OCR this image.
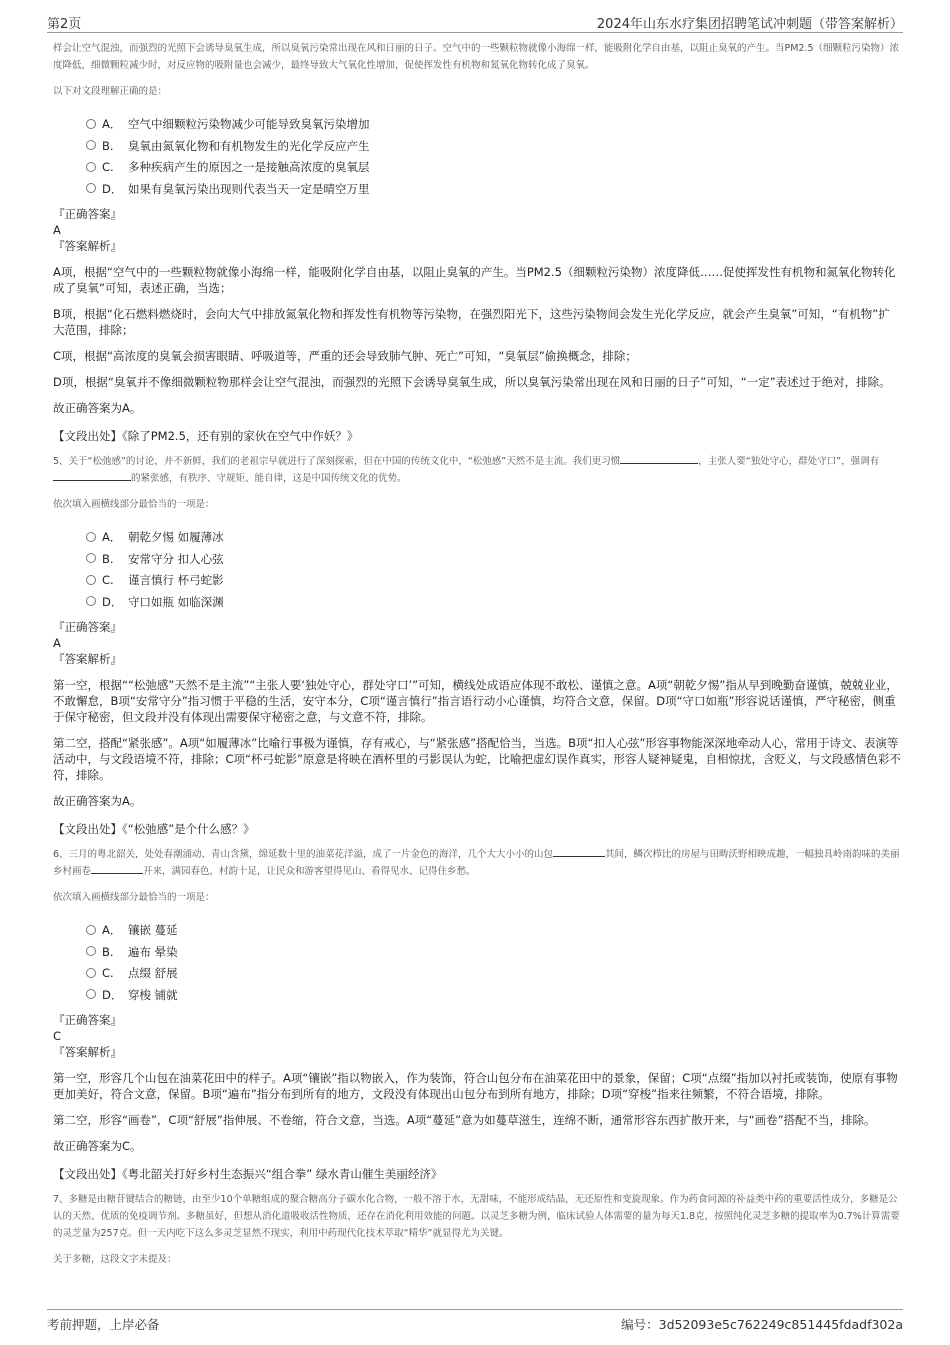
第2页	2024年山东水疗集团招聘笔试冲刺题（带答案解析）

样会让空气混浊，而强烈的光照下会诱导臭氧生成，所以臭氧污染常出现在风和日丽的日子。空气中的一些颗粒物就像小海绵一样，能吸附化学自由基，以阻止臭氧的产生。当PM2.5（细颗粒污染物）浓度降低，细微颗粒减少时，对反应物的吸附量也会减少，最终导致大气氧化性增加，促使挥发性有机物和氮氧化物转化成了臭氧。

以下对文段理解正确的是：

A． 空气中细颗粒污染物减少可能导致臭氧污染增加
B. 臭氧由氮氧化物和有机物发生的光化学反应产生
C. 多种疾病产生的原因之一是接触高浓度的臭氧层
D． 如果有臭氧污染出现则代表当天一定是晴空万里

『正确答案』

A

『答案解析』

A项，根据“空气中的一些颗粒物就像小海绵一样，能吸附化学自由基，以阻止臭氧的产生。当PM2.5（细颗粒污染物）浓度降低……促使挥发性有机物和氮氧化物转化成了臭氧”可知，表述正确，当选；

B项，根据“化石燃料燃烧时，会向大气中排放氮氧化物和挥发性有机物等污染物，在强烈阳光下，这些污染物间会发生光化学反应，就会产生臭氧”可知，“有机物”扩大范围，排除；

C项，根据“高浓度的臭氧会损害眼睛、呼吸道等，严重的还会导致肺气肿、死亡”可知，“臭氧层”偷换概念，排除；

D项，根据“臭氧并不像细微颗粒物那样会让空气混浊，而强烈的光照下会诱导臭氧生成，所以臭氧污染常出现在风和日丽的日子”可知，“一定”表述过于绝对，排除。

故正确答案为A。

【文段出处】《除了PM2.5，还有别的家伙在空气中作妖？》

5、关于“松弛感”的讨论，并不新鲜，我们的老祖宗早就进行了深刻探索，但在中国的传统文化中，“松弛感”天然不是主流。我们更习惯	，主张人要“独处守心，群处守口”，强调有的紧张感，有秩序、守规矩、能自律，这是中国传统文化的优势。

依次填入画横线部分最恰当的一项是：

A． 朝乾夕惕 如履薄冰
B. 安常守分 扣人心弦
C. 谨言慎行 杯弓蛇影
D． 守口如瓶 如临深渊

『正确答案』

A

『答案解析』

第一空，根据““松弛感”天然不是主流”“主张人要‘独处守心，群处守口’”可知，横线处成语应体现不敢松、谨慎之意。A项“朝乾夕惕”指从早到晚勤奋谨慎，兢兢业业，不敢懈怠，B项“安常守分”指习惯于平稳的生活，安守本分，C项“谨言慎行”指言语行动小心谨慎，均符合文意，保留。D项“守口如瓶”形容说话谨慎，严守秘密，侧重于保守秘密，但文段并没有体现出需要保守秘密之意，与文意不符，排除。

第二空，搭配“紧张感”。A项“如履薄冰”比喻行事极为谨慎，存有戒心，与“紧张感”搭配恰当，当选。B项“扣人心弦”形容事物能深深地牵动人心，常用于诗文、表演等活动中，与文段语境不符，排除；C项“杯弓蛇影”原意是将映在酒杯里的弓影误认为蛇，比喻把虚幻误作真实，形容人疑神疑鬼，自相惊扰，含贬义，与文段感情色彩不符，排除。

故正确答案为A。

【文段出处】《“松弛感”是个什么感？》

6、三月的粤北韶关，处处春潮涌动、青山含黛，绵延数十里的油菜花洋溢，成了一片金色的海洋，几个大大小小的山包	其间，鳞次栉比的房屋与田畴沃野相映成趣，一幅独具岭南韵味的美丽乡村画卷	开来，满园春色，村韵十足，让民众和游客望得见山、看得见水、记得住乡愁。

依次填入画横线部分最恰当的一项是：

A． 镶嵌 蔓延
B. 遍布 晕染
C. 点缀 舒展
D． 穿梭 铺就

『正确答案』

C

『答案解析』

第一空，形容几个山包在油菜花田中的样子。A项“镶嵌”指以物嵌入，作为装饰，符合山包分布在油菜花田中的景象，保留；C项“点缀”指加以衬托或装饰，使原有事物更加美好，符合文意，保留。B项“遍布”指分布到所有的地方，文段没有体现出山包分布到所有地方，排除；D项“穿梭”指来往频繁，不符合语境，排除。

第二空，形容“画卷”，C项“舒展”指伸展、不卷缩，符合文意，当选。A项“蔓延”意为如蔓草滋生，连绵不断，通常形容东西扩散开来，与“画卷”搭配不当，排除。

故正确答案为C。

【文段出处】《粤北韶关打好乡村生态振兴“组合拳” 绿水青山催生美丽经济》

7、多糖是由糖苷键结合的糖链，由至少10个单糖组成的聚合糖高分子碳水化合物，一般不溶于水，无甜味，不能形成结晶，无还原性和变旋现象。作为药食同源的补益类中药的重要活性成分，多糖是公认的天然、优质的免疫调节剂。多糖虽好，但想从消化道吸收活性物质，还存在消化利用效能的问题。以灵芝多糖为例，临床试验人体需要的量为每天1.8克，按照纯化灵芝多糖的提取率为0.7%计算需要的灵芝量为257克。但一天内吃下这么多灵芝显然不现实，利用中药现代化技术萃取“精华”就显得尤为关键。

关于多糖，这段文字未提及：

考前押题，上岸必备	编号：3d52093e5c762249c851445fdadf302a
